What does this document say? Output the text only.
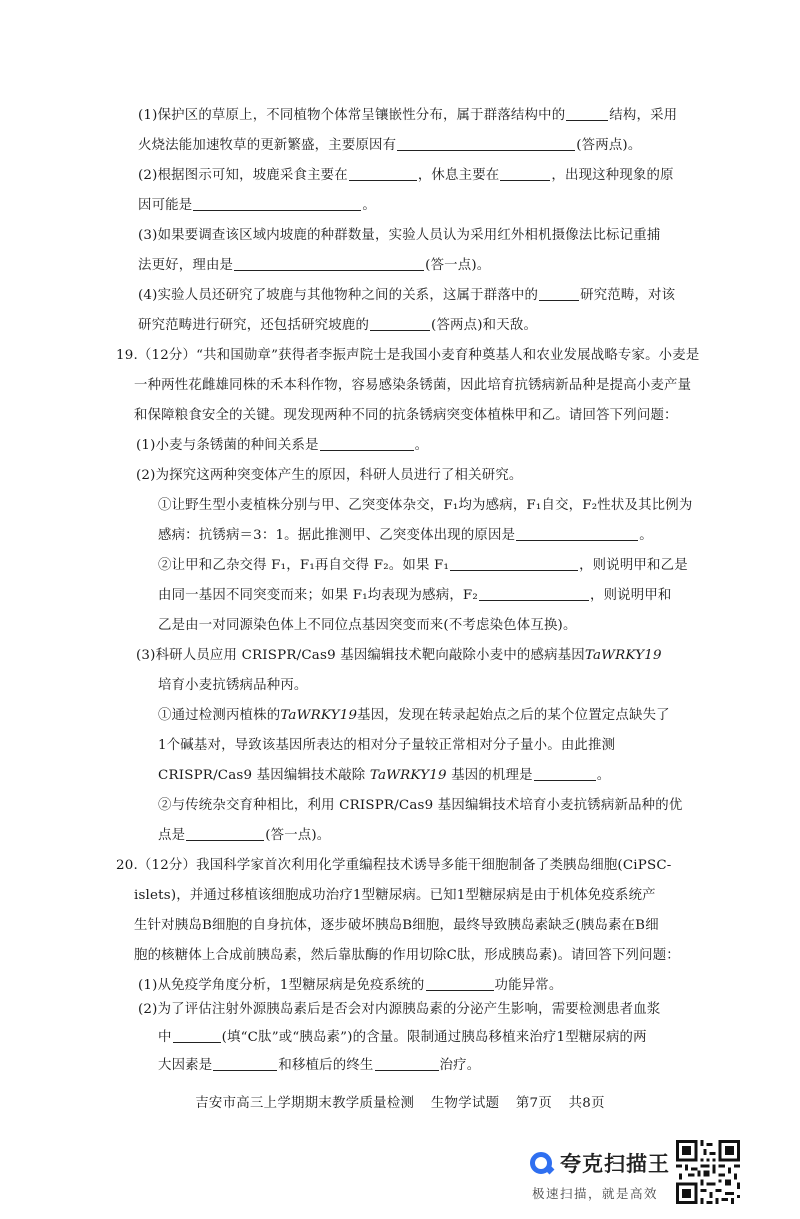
(1)保护区的草原上，不同植物个体常呈镶嵌性分布，属于群落结构中的	结构，采用
火烧法能加速牧草的更新繁盛，主要原因有	(答两点)。
(2)根据图示可知，坡鹿采食主要在	，休息主要在	，出现这种现象的原
因可能是	。
(3)如果要调查该区域内坡鹿的种群数量，实验人员认为采用红外相机摄像法比标记重捕
法更好，理由是	(答一点)。
(4)实验人员还研究了坡鹿与其他物种之间的关系，这属于群落中的	研究范畴，对该
研究范畴进行研究，还包括研究坡鹿的	(答两点)和天敌。
19.（12分）“共和国勋章”获得者李振声院士是我国小麦育种奠基人和农业发展战略专家。小麦是
一种两性花雌雄同株的禾本科作物，容易感染条锈菌，因此培育抗锈病新品种是提高小麦产量
和保障粮食安全的关键。现发现两种不同的抗条锈病突变体植株甲和乙。请回答下列问题：
(1)小麦与条锈菌的种间关系是	。
(2)为探究这两种突变体产生的原因，科研人员进行了相关研究。
①让野生型小麦植株分别与甲、乙突变体杂交，F₁均为感病，F₁自交，F₂性状及其比例为
感病：抗锈病＝3：1。据此推测甲、乙突变体出现的原因是	。
②让甲和乙杂交得 F₁，F₁再自交得 F₂。如果 F₁	，则说明甲和乙是
由同一基因不同突变而来；如果 F₁均表现为感病，F₂	，则说明甲和
乙是由一对同源染色体上不同位点基因突变而来(不考虑染色体互换)。
(3)科研人员应用 CRISPR/Cas9 基因编辑技术靶向敲除小麦中的感病基因TaWRKY19
培育小麦抗锈病品种丙。
①通过检测丙植株的TaWRKY19基因，发现在转录起始点之后的某个位置定点缺失了
1个碱基对，导致该基因所表达的相对分子量较正常相对分子量小。由此推测
CRISPR/Cas9 基因编辑技术敲除 TaWRKY19 基因的机理是	。
②与传统杂交育种相比，利用 CRISPR/Cas9 基因编辑技术培育小麦抗锈病新品种的优
点是	(答一点)。
20.（12分）我国科学家首次利用化学重编程技术诱导多能干细胞制备了类胰岛细胞(CiPSC-
islets)，并通过移植该细胞成功治疗1型糖尿病。已知1型糖尿病是由于机体免疫系统产
生针对胰岛B细胞的自身抗体，逐步破坏胰岛B细胞，最终导致胰岛素缺乏(胰岛素在B细
胞的核糖体上合成前胰岛素，然后靠肽酶的作用切除C肽，形成胰岛素)。请回答下列问题：
(1)从免疫学角度分析，1型糖尿病是免疫系统的	功能异常。
(2)为了评估注射外源胰岛素后是否会对内源胰岛素的分泌产生影响，需要检测患者血浆
中	(填“C肽”或“胰岛素”)的含量。限制通过胰岛移植来治疗1型糖尿病的两
大因素是	和移植后的终生	治疗。
吉安市高三上学期期末教学质量检测 生物学试题 第7页 共8页
夸克扫描王
极速扫描，就是高效
